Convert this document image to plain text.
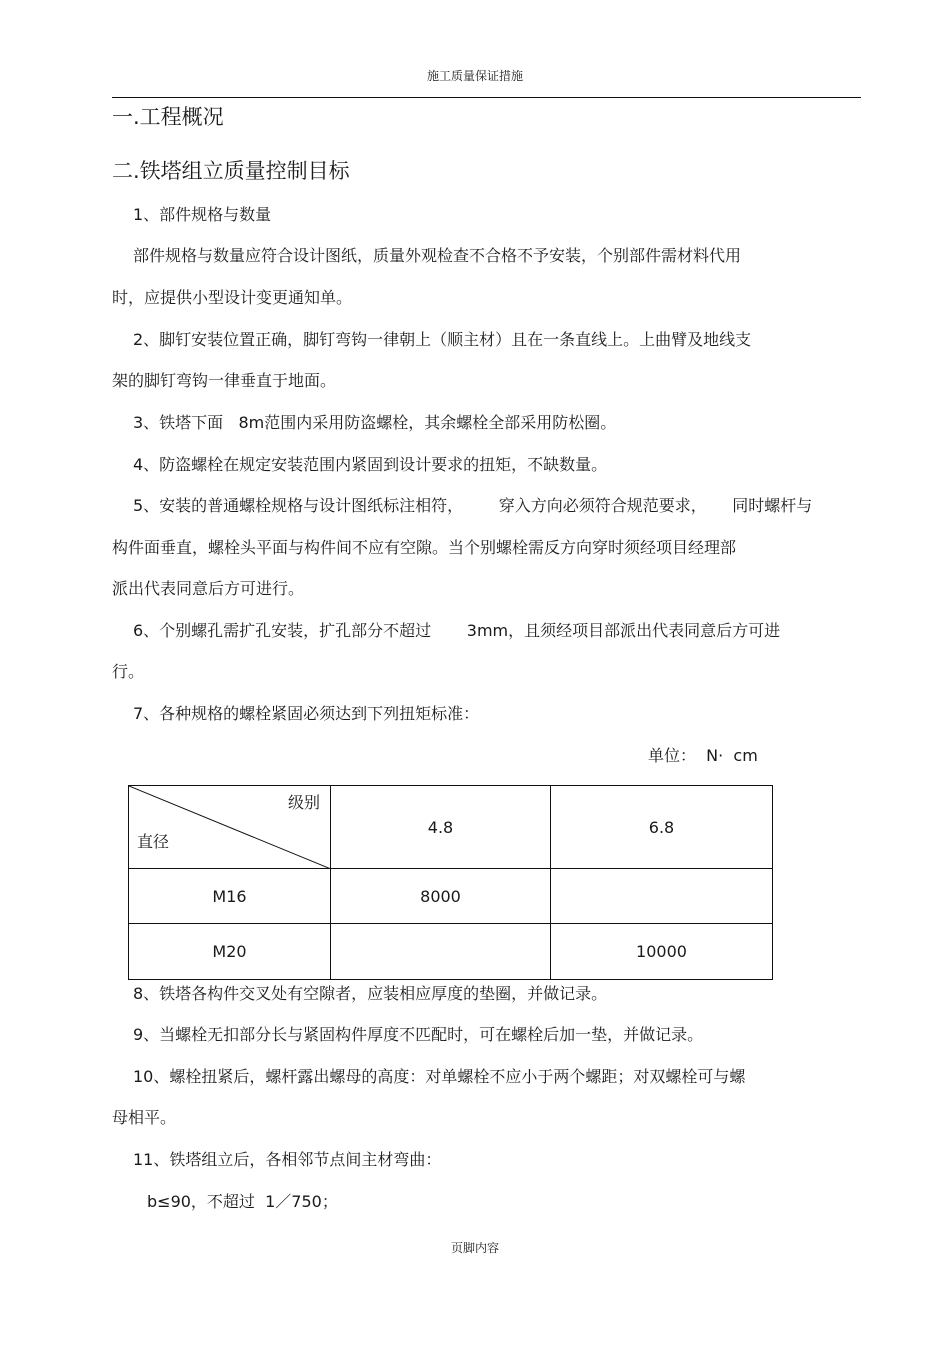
施工质量保证措施
一.工程概况
二.铁塔组立质量控制目标
1、部件规格与数量
部件规格与数量应符合设计图纸，质量外观检查不合格不予安装，个别部件需材料代用
时，应提供小型设计变更通知单。
2、脚钉安装位置正确，脚钉弯钩一律朝上（顺主材）且在一条直线上。上曲臂及地线支
架的脚钉弯钩一律垂直于地面。
3、铁塔下面   8m范围内采用防盗螺栓，其余螺栓全部采用防松圈。
4、防盗螺栓在规定安装范围内紧固到设计要求的扭矩，不缺数量。
5、安装的普通螺栓规格与设计图纸标注相符，       穿入方向必须符合规范要求，     同时螺杆与
构件面垂直，螺栓头平面与构件间不应有空隙。当个别螺栓需反方向穿时须经项目经理部
派出代表同意后方可进行。
6、个别螺孔需扩孔安装，扩孔部分不超过       3mm，且须经项目部派出代表同意后方可进
行。
7、各种规格的螺栓紧固必须达到下列扭矩标准：
单位：  N·  cm
级别
直径	4.8	6.8
M16	8000	
M20		10000
8、铁塔各构件交叉处有空隙者，应装相应厚度的垫圈，并做记录。
9、当螺栓无扣部分长与紧固构件厚度不匹配时，可在螺栓后加一垫，并做记录。
10、螺栓扭紧后，螺杆露出螺母的高度：对单螺栓不应小于两个螺距；对双螺栓可与螺
母相平。
11、铁塔组立后，各相邻节点间主材弯曲：
b≤90，不超过  1／750；
页脚内容
